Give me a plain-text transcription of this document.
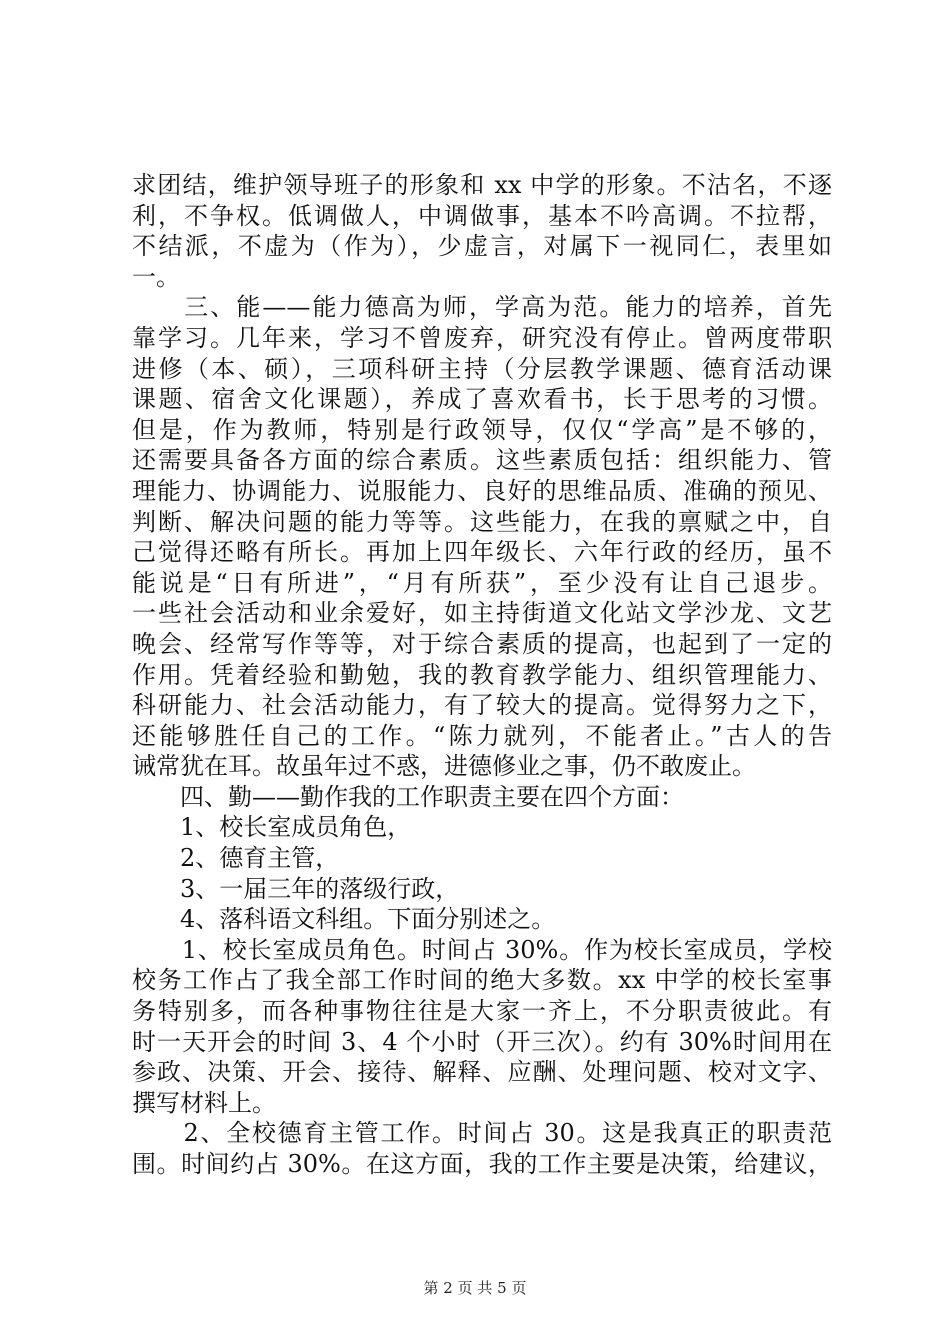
求团结，维护领导班子的形象和 xx 中学的形象。不沽名，不逐
利，不争权。低调做人，中调做事，基本不吟高调。不拉帮，
不结派，不虚为（作为），少虚言，对属下一视同仁，表里如
一。
　　三、能——能力德高为师，学高为范。能力的培养，首先
靠学习。几年来，学习不曾废弃，研究没有停止。曾两度带职
进修（本、硕），三项科研主持（分层教学课题、德育活动课
课题、宿舍文化课题），养成了喜欢看书，长于思考的习惯。
但是，作为教师，特别是行政领导，仅仅“学高”是不够的，
还需要具备各方面的综合素质。这些素质包括：组织能力、管
理能力、协调能力、说服能力、良好的思维品质、准确的预见、
判断、解决问题的能力等等。这些能力，在我的禀赋之中，自
己觉得还略有所长。再加上四年级长、六年行政的经历，虽不
能说是“日有所进”，“月有所获”，至少没有让自己退步。
一些社会活动和业余爱好，如主持街道文化站文学沙龙、文艺
晚会、经常写作等等，对于综合素质的提高，也起到了一定的
作用。凭着经验和勤勉，我的教育教学能力、组织管理能力、
科研能力、社会活动能力，有了较大的提高。觉得努力之下，
还能够胜任自己的工作。“陈力就列，不能者止。”古人的告
诫常犹在耳。故虽年过不惑，进德修业之事，仍不敢废止。
　　四、勤——勤作我的工作职责主要在四个方面：
　　1、校长室成员角色，
　　2、德育主管，
　　3、一届三年的落级行政，
　　4、落科语文科组。下面分别述之。
　　1、校长室成员角色。时间占 30%。作为校长室成员，学校
校务工作占了我全部工作时间的绝大多数。xx 中学的校长室事
务特别多，而各种事物往往是大家一齐上，不分职责彼此。有
时一天开会的时间 3、4 个小时（开三次）。约有 30%时间用在
参政、决策、开会、接待、解释、应酬、处理问题、校对文字、
撰写材料上。
　　2、全校德育主管工作。时间占 30。这是我真正的职责范
围。时间约占 30%。在这方面，我的工作主要是决策，给建议，
第 2 页 共 5 页
